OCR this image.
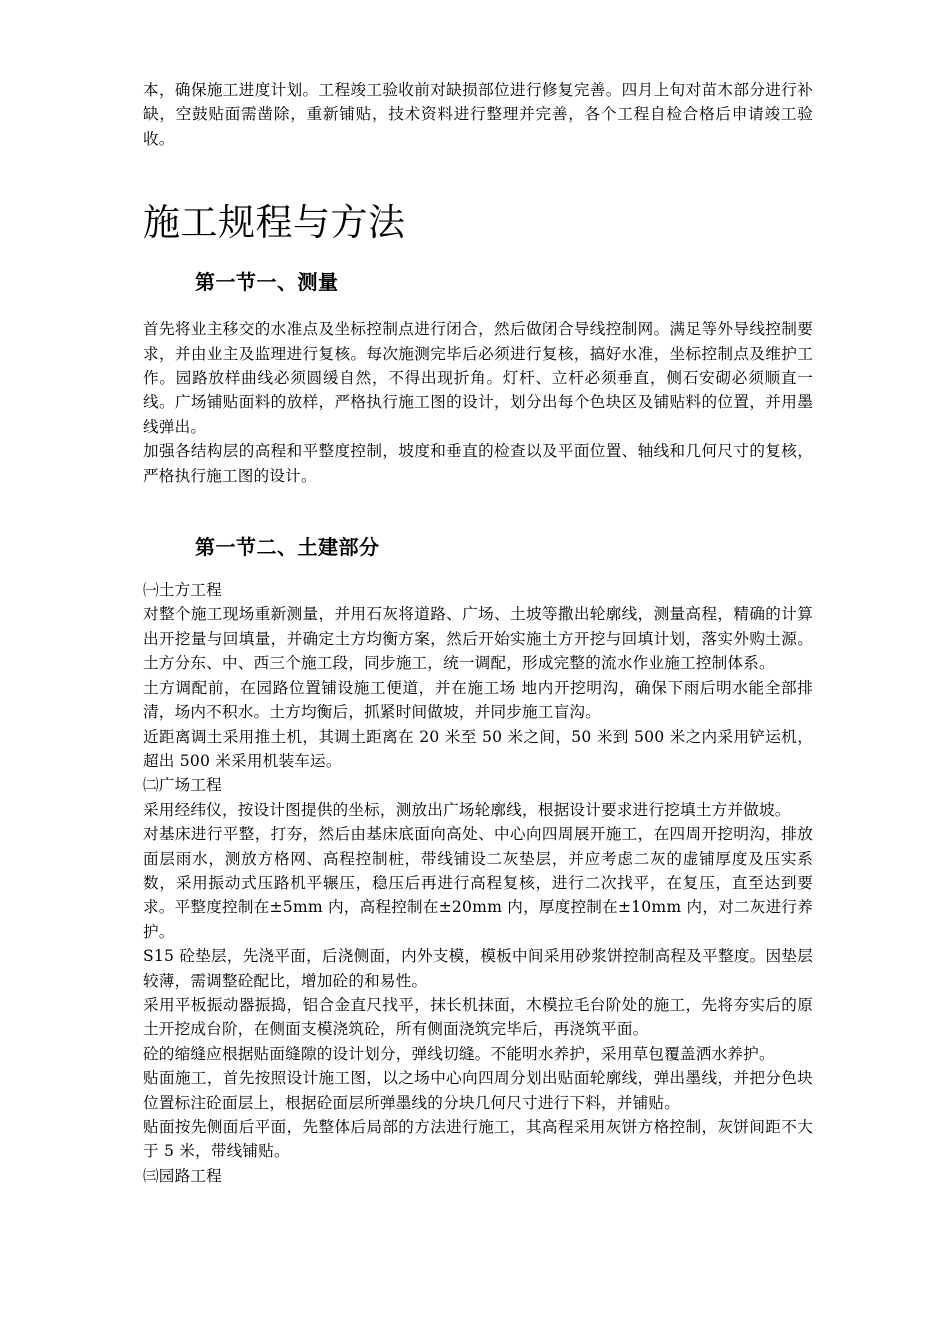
本，确保施工进度计划。工程竣工验收前对缺损部位进行修复完善。四月上旬对苗木部分进行补缺，空鼓贴面需凿除，重新铺贴，技术资料进行整理并完善，各个工程自检合格后申请竣工验收。

施工规程与方法
第一节一、测量

首先将业主移交的水准点及坐标控制点进行闭合，然后做闭合导线控制网。满足等外导线控制要求，并由业主及监理进行复核。每次施测完毕后必须进行复核，搞好水准，坐标控制点及维护工作。园路放样曲线必须圆缓自然，不得出现折角。灯杆、立杆必须垂直，侧石安砌必须顺直一线。广场铺贴面料的放样，严格执行施工图的设计，划分出每个色块区及铺贴料的位置，并用墨线弹出。

加强各结构层的高程和平整度控制，坡度和垂直的检查以及平面位置、轴线和几何尺寸的复核，严格执行施工图的设计。

第一节二、土建部分

㈠土方工程

对整个施工现场重新测量，并用石灰将道路、广场、土坡等撒出轮廓线，测量高程，精确的计算出开挖量与回填量，并确定土方均衡方案，然后开始实施土方开挖与回填计划，落实外购土源。土方分东、中、西三个施工段，同步施工，统一调配，形成完整的流水作业施工控制体系。

土方调配前，在园路位置铺设施工便道，并在施工场 地内开挖明沟，确保下雨后明水能全部排清，场内不积水。土方均衡后，抓紧时间做坡，并同步施工盲沟。

近距离调土采用推土机，其调土距离在 20 米至 50 米之间，50 米到 500 米之内采用铲运机，超出 500 米采用机装车运。

㈡广场工程

采用经纬仪，按设计图提供的坐标，测放出广场轮廓线，根据设计要求进行挖填土方并做坡。

对基床进行平整，打夯，然后由基床底面向高处、中心向四周展开施工，在四周开挖明沟，排放面层雨水，测放方格网、高程控制桩，带线铺设二灰垫层，并应考虑二灰的虚铺厚度及压实系数，采用振动式压路机平辗压，稳压后再进行高程复核，进行二次找平，在复压，直至达到要求。平整度控制在±5mm 内，高程控制在±20mm 内，厚度控制在±10mm 内，对二灰进行养护。

S15 砼垫层，先浇平面，后浇侧面，内外支模，模板中间采用砂浆饼控制高程及平整度。因垫层较薄，需调整砼配比，增加砼的和易性。

采用平板振动器振捣，铝合金直尺找平，抹长机抹面，木模拉毛台阶处的施工，先将夯实后的原土开挖成台阶，在侧面支模浇筑砼，所有侧面浇筑完毕后，再浇筑平面。

砼的缩缝应根据贴面缝隙的设计划分，弹线切缝。不能明水养护，采用草包覆盖洒水养护。

贴面施工，首先按照设计施工图，以之场中心向四周分划出贴面轮廓线，弹出墨线，并把分色块位置标注砼面层上，根据砼面层所弹墨线的分块几何尺寸进行下料，并铺贴。

贴面按先侧面后平面，先整体后局部的方法进行施工，其高程采用灰饼方格控制，灰饼间距不大于 5 米，带线铺贴。

㈢园路工程
